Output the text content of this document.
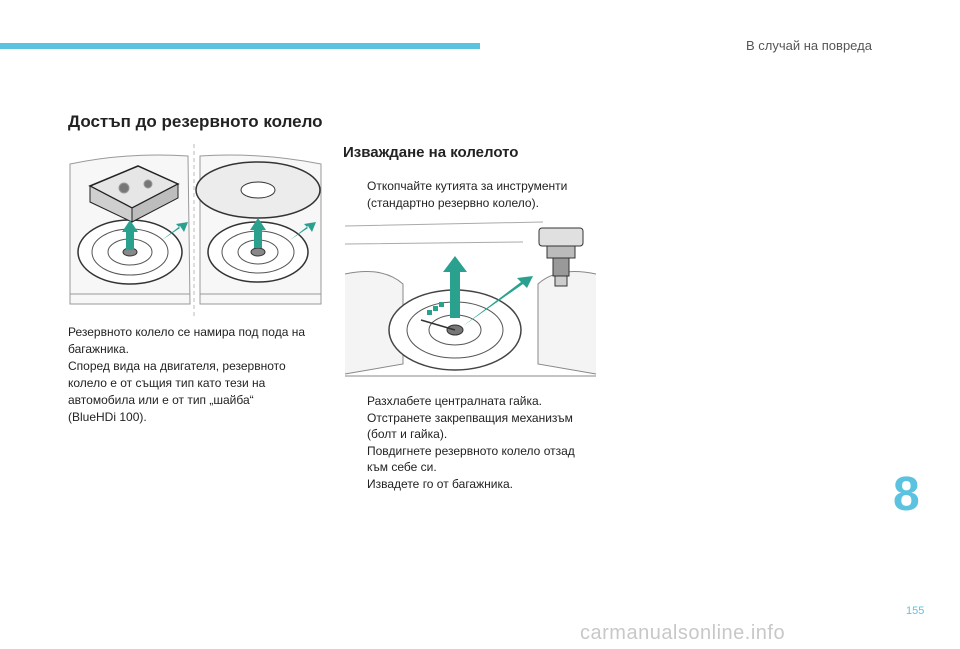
В случай на повреда
Достъп до резервното колело
Резервното колело се намира под пода на
багажника.
Според вида на двигателя, резервното
колело е от същия тип като тези на
автомобила или е от тип „шайба“
(BlueHDi 100).
Изваждане на колелото
Откопчайте кутията за инструменти
(стандартно резервно колело).
Разхлабете централната гайка.
Отстранете закрепващия механизъм
(болт и гайка).
Повдигнете резервното колело отзад
към себе си.
Извадете го от багажника.	8
155
carmanualsonline.info
